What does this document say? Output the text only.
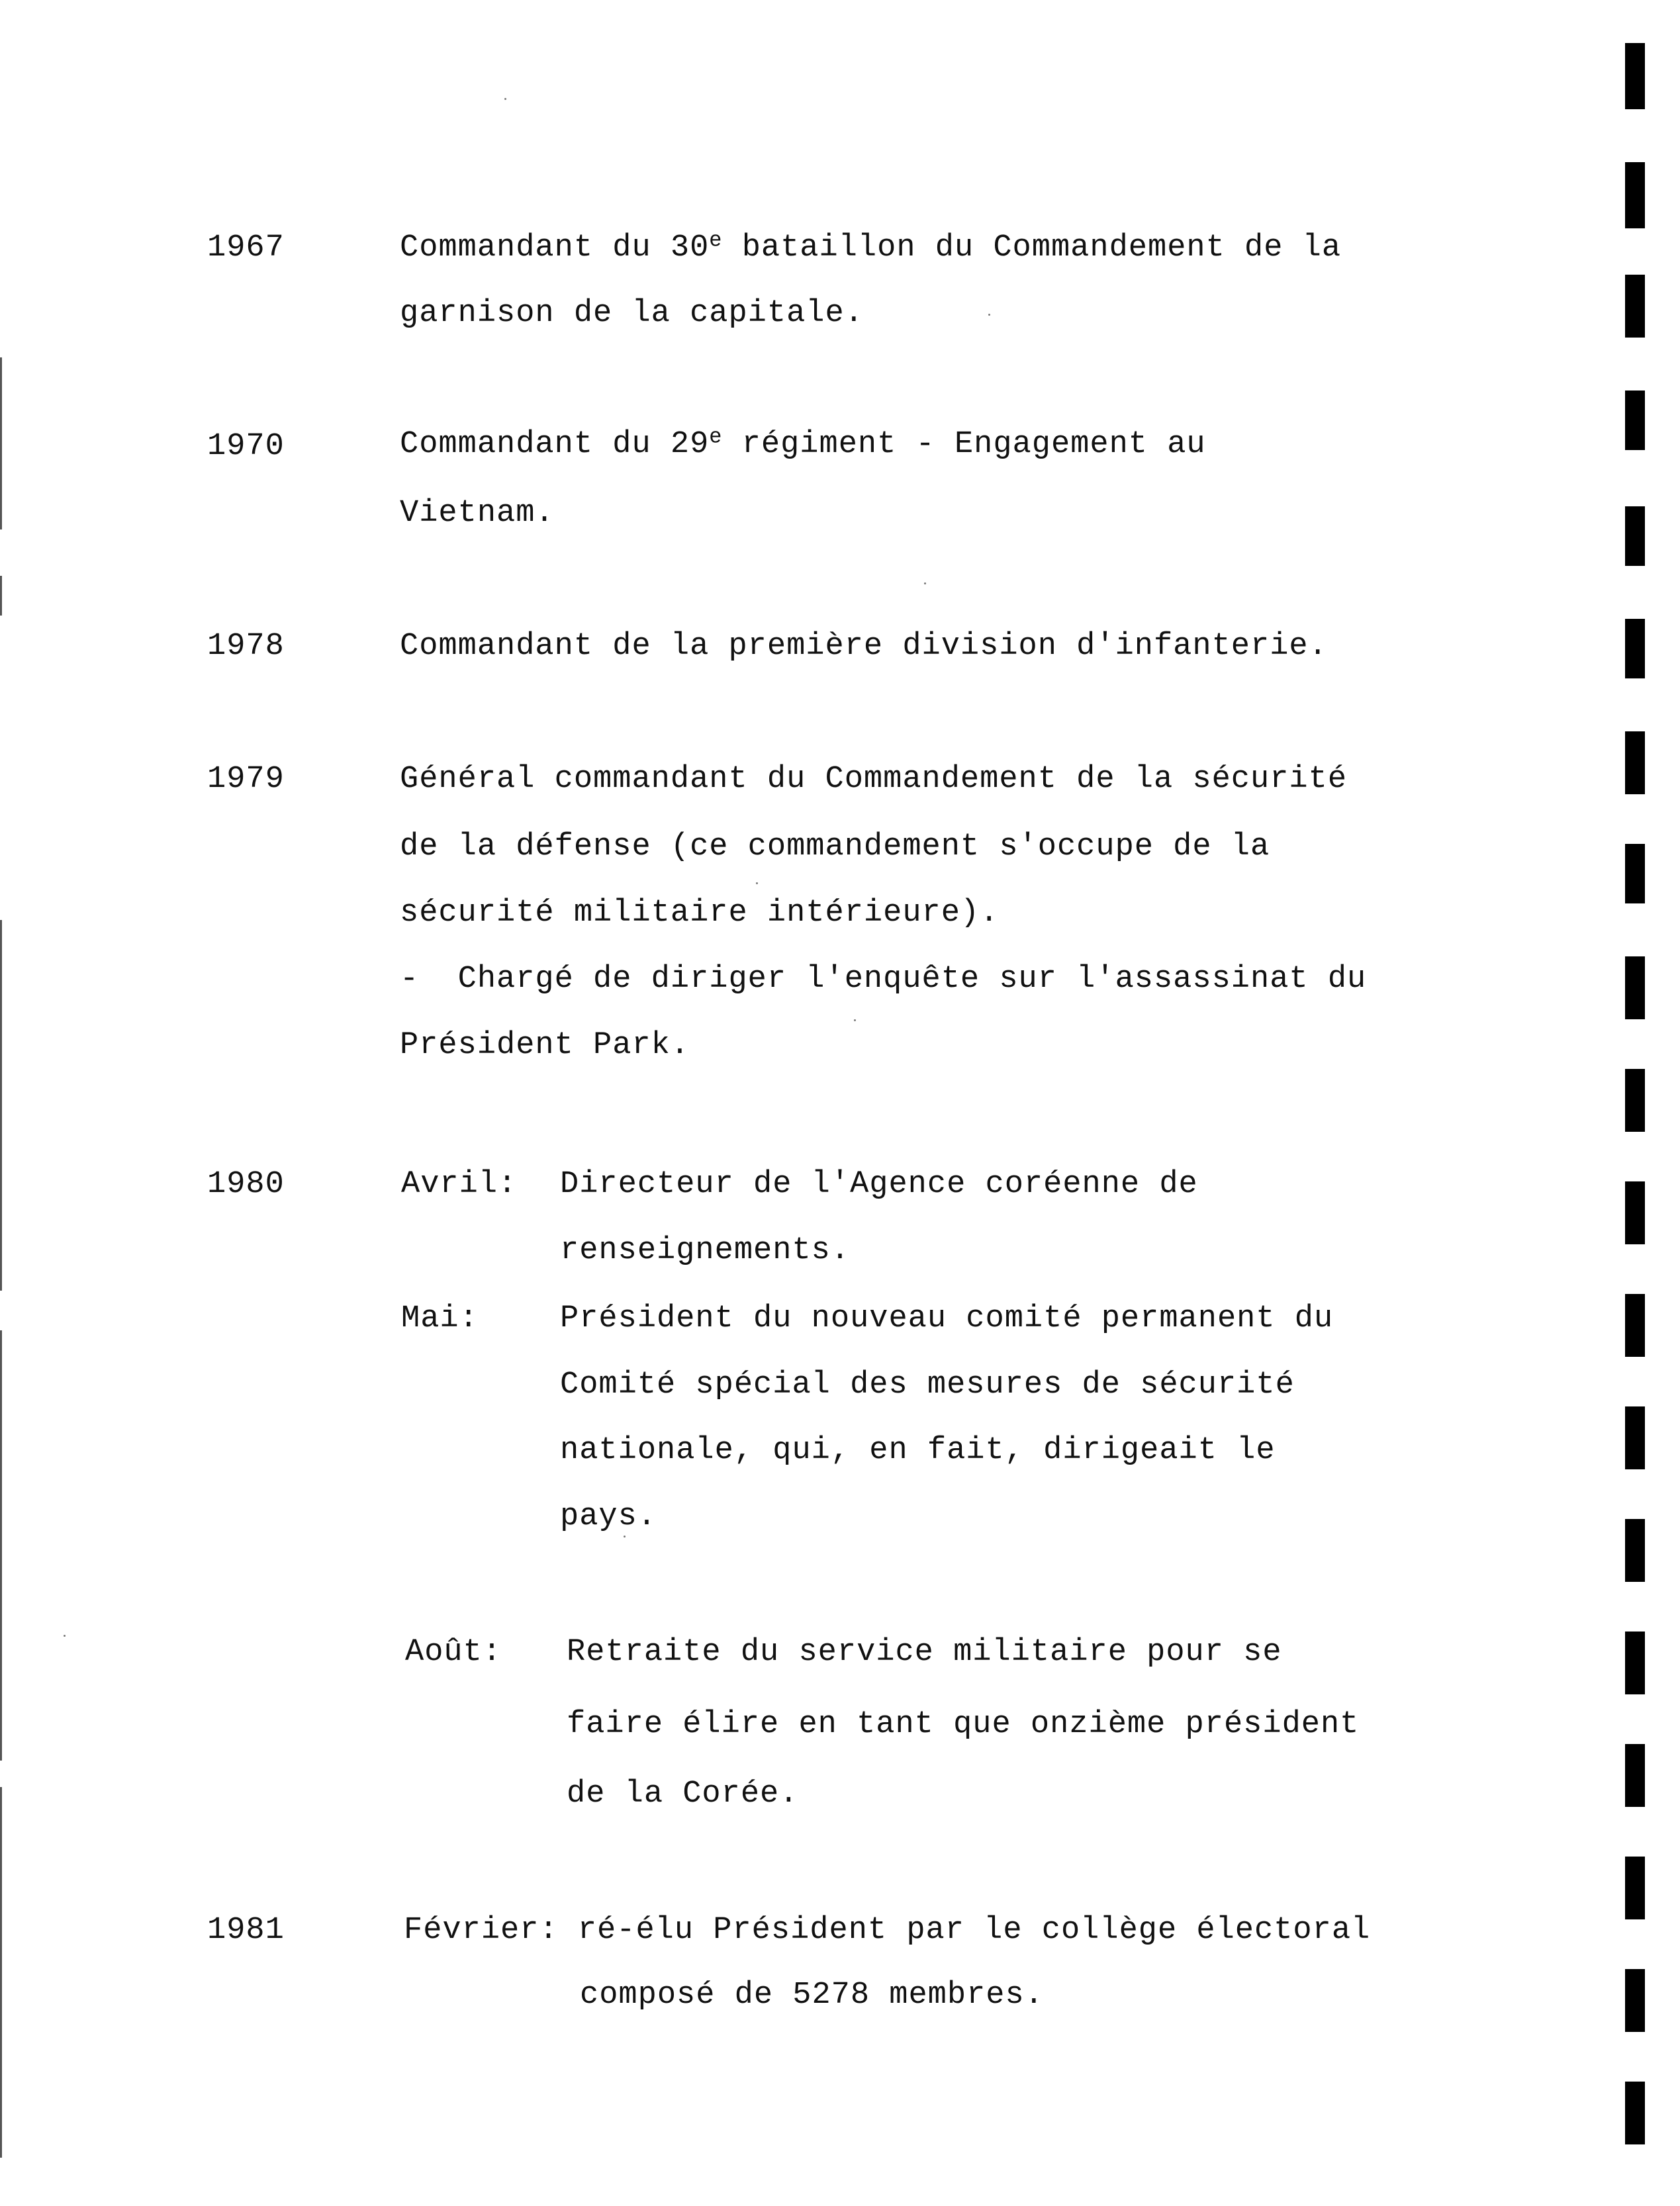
1967	Commandant du 30e bataillon du Commandement de la
garnison de la capitale.
1970	Commandant du 29e régiment - Engagement au
Vietnam.
1978	Commandant de la première division d'infanterie.
1979	Général commandant du Commandement de la sécurité
de la défense (ce commandement s'occupe de la
sécurité militaire intérieure).
-  Chargé de diriger l'enquête sur l'assassinat du
Président Park.
1980	Avril: Directeur de l'Agence coréenne de
renseignements.
Mai:	Président du nouveau comité permanent du
Comité spécial des mesures de sécurité
nationale, qui, en fait, dirigeait le
pays.
Août: Retraite du service militaire pour se
faire élire en tant que onzième président
de la Corée.
1981	Février: ré-élu Président par le collège électoral
composé de 5278 membres.
